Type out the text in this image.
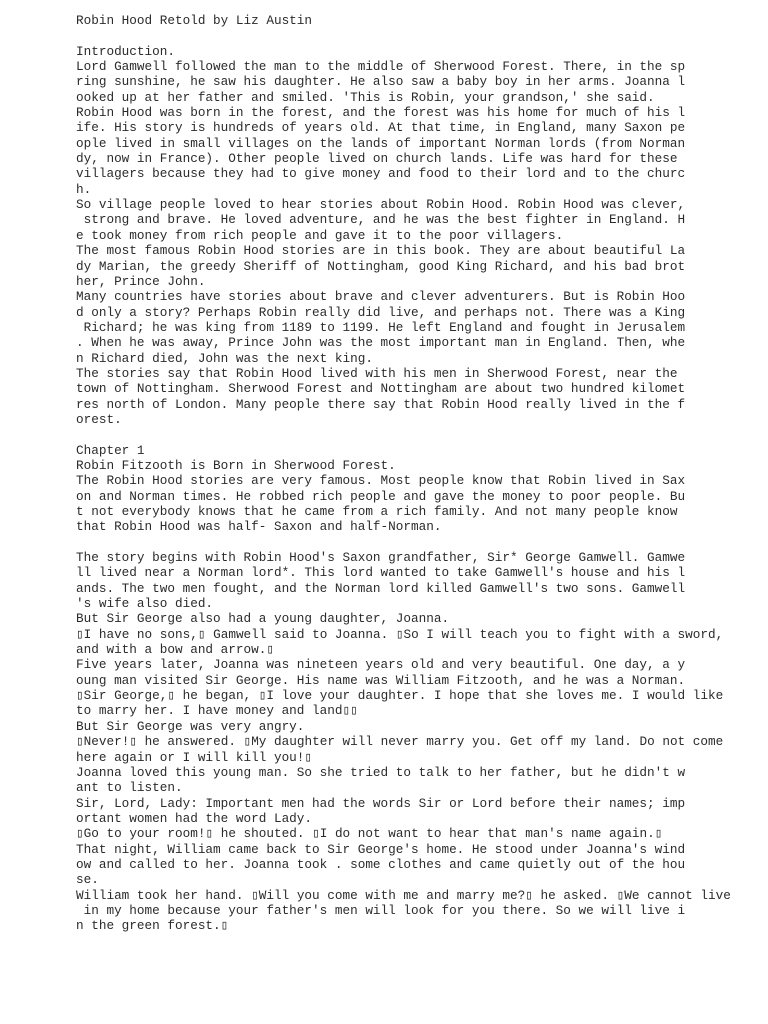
Robin Hood Retold by Liz Austin
Introduction.
Lord Gamwell followed the man to the middle of Sherwood Forest. There, in the sp
ring sunshine, he saw his daughter. He also saw a baby boy in her arms. Joanna l
ooked up at her father and smiled. 'This is Robin, your grandson,' she said.
Robin Hood was born in the forest, and the forest was his home for much of his l
ife. His story is hundreds of years old. At that time, in England, many Saxon pe
ople lived in small villages on the lands of important Norman lords (from Norman
dy, now in France). Other people lived on church lands. Life was hard for these
villagers because they had to give money and food to their lord and to the churc
h.
So village people loved to hear stories about Robin Hood. Robin Hood was clever,
strong and brave. He loved adventure, and he was the best fighter in England. H
e took money from rich people and gave it to the poor villagers.
The most famous Robin Hood stories are in this book. They are about beautiful La
dy Marian, the greedy Sheriff of Nottingham, good King Richard, and his bad brot
her, Prince John.
Many countries have stories about brave and clever adventurers. But is Robin Hoo
d only a story? Perhaps Robin really did live, and perhaps not. There was a King
Richard; he was king from 1189 to 1199. He left England and fought in Jerusalem
. When he was away, Prince John was the most important man in England. Then, whe
n Richard died, John was the next king.
The stories say that Robin Hood lived with his men in Sherwood Forest, near the
town of Nottingham. Sherwood Forest and Nottingham are about two hundred kilomet
res north of London. Many people there say that Robin Hood really lived in the f
orest.
Chapter 1
Robin Fitzooth is Born in Sherwood Forest.
The Robin Hood stories are very famous. Most people know that Robin lived in Sax
on and Norman times. He robbed rich people and gave the money to poor people. Bu
t not everybody knows that he came from a rich family. And not many people know
that Robin Hood was half- Saxon and half-Norman.
The story begins with Robin Hood's Saxon grandfather, Sir* George Gamwell. Gamwe
ll lived near a Norman lord*. This lord wanted to take Gamwell's house and his l
ands. The two men fought, and the Norman lord killed Gamwell's two sons. Gamwell
's wife also died.
But Sir George also had a young daughter, Joanna.
▯I have no sons,▯ Gamwell said to Joanna. ▯So I will teach you to fight with a sword,
and with a bow and arrow.▯
Five years later, Joanna was nineteen years old and very beautiful. One day, a y
oung man visited Sir George. His name was William Fitzooth, and he was a Norman.
▯Sir George,▯ he began, ▯I love your daughter. I hope that she loves me. I would like
to marry her. I have money and land▯▯
But Sir George was very angry.
▯Never!▯ he answered. ▯My daughter will never marry you. Get off my land. Do not come
here again or I will kill you!▯
Joanna loved this young man. So she tried to talk to her father, but he didn't w
ant to listen.
Sir, Lord, Lady: Important men had the words Sir or Lord before their names; imp
ortant women had the word Lady.
▯Go to your room!▯ he shouted. ▯I do not want to hear that man's name again.▯
That night, William came back to Sir George's home. He stood under Joanna's wind
ow and called to her. Joanna took . some clothes and came quietly out of the hou
se.
William took her hand. ▯Will you come with me and marry me?▯ he asked. ▯We cannot live
in my home because your father's men will look for you there. So we will live i
n the green forest.▯
